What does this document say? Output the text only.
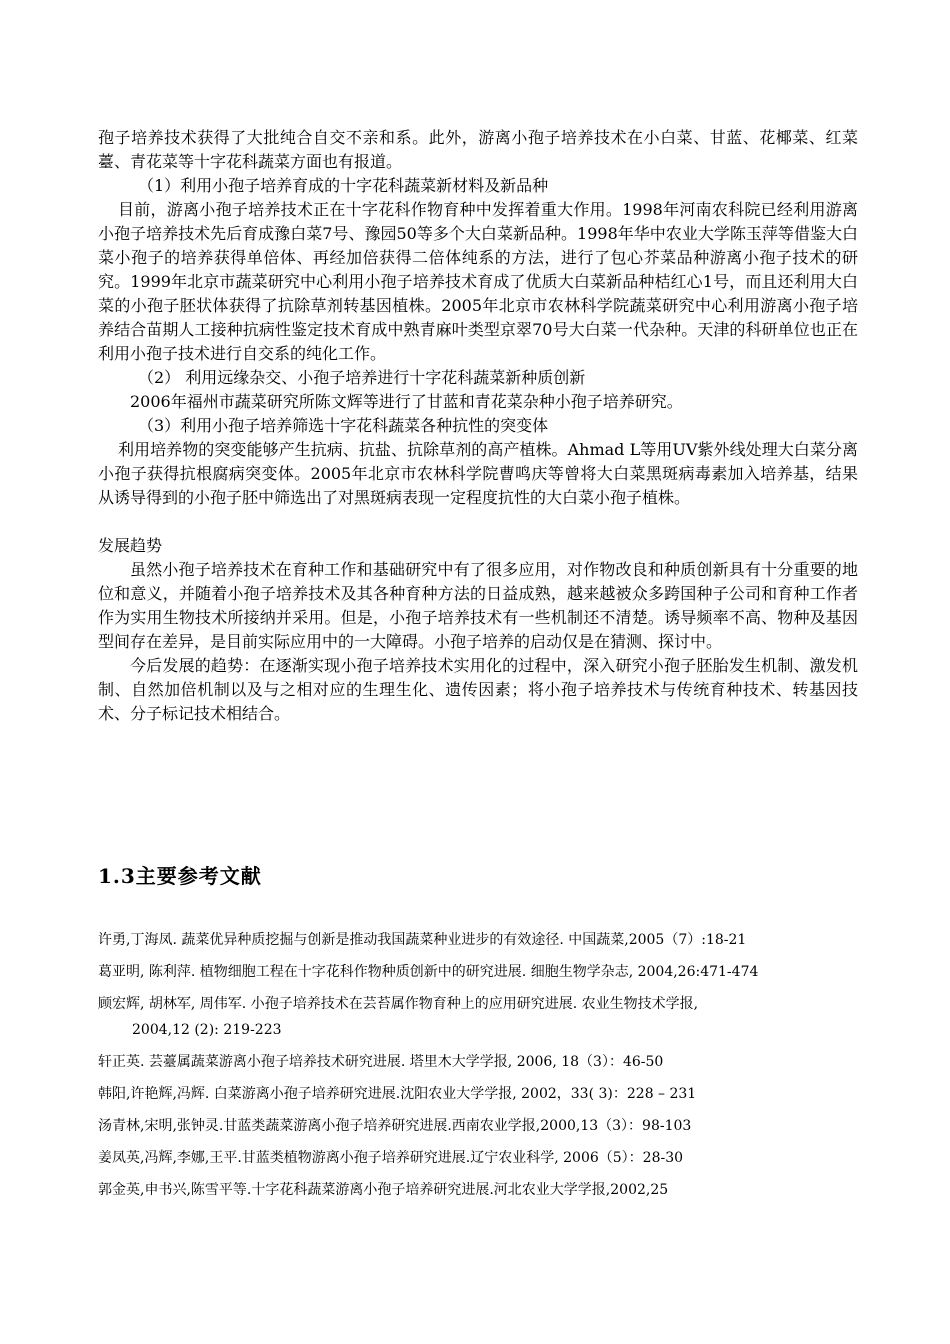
孢子培养技术获得了大批纯合自交不亲和系。此外，游离小孢子培养技术在小白菜、甘蓝、花椰菜、红菜薹、青花菜等十字花科蔬菜方面也有报道。

（1）利用小孢子培养育成的十字花科蔬菜新材料及新品种

目前，游离小孢子培养技术正在十字花科作物育种中发挥着重大作用。1998年河南农科院已经利用游离小孢子培养技术先后育成豫白菜7号、豫园50等多个大白菜新品种。1998年华中农业大学陈玉萍等借鉴大白菜小孢子的培养获得单倍体、再经加倍获得二倍体纯系的方法，进行了包心芥菜品种游离小孢子技术的研究。1999年北京市蔬菜研究中心利用小孢子培养技术育成了优质大白菜新品种桔红心1号，而且还利用大白菜的小孢子胚状体获得了抗除草剂转基因植株。2005年北京市农林科学院蔬菜研究中心利用游离小孢子培养结合苗期人工接种抗病性鉴定技术育成中熟青麻叶类型京翠70号大白菜一代杂种。天津的科研单位也正在利用小孢子技术进行自交系的纯化工作。

（2） 利用远缘杂交、小孢子培养进行十字花科蔬菜新种质创新

2006年福州市蔬菜研究所陈文辉等进行了甘蓝和青花菜杂种小孢子培养研究。

（3）利用小孢子培养筛选十字花科蔬菜各种抗性的突变体

利用培养物的突变能够产生抗病、抗盐、抗除草剂的高产植株。Ahmad L等用UV紫外线处理大白菜分离小孢子获得抗根腐病突变体。2005年北京市农林科学院曹鸣庆等曾将大白菜黑斑病毒素加入培养基，结果从诱导得到的小孢子胚中筛选出了对黑斑病表现一定程度抗性的大白菜小孢子植株。

发展趋势

虽然小孢子培养技术在育种工作和基础研究中有了很多应用，对作物改良和种质创新具有十分重要的地位和意义，并随着小孢子培养技术及其各种育种方法的日益成熟，越来越被众多跨国种子公司和育种工作者作为实用生物技术所接纳并采用。但是，小孢子培养技术有一些机制还不清楚。诱导频率不高、物种及基因型间存在差异，是目前实际应用中的一大障碍。小孢子培养的启动仅是在猜测、探讨中。

今后发展的趋势：在逐渐实现小孢子培养技术实用化的过程中，深入研究小孢子胚胎发生机制、激发机制、自然加倍机制以及与之相对应的生理生化、遗传因素；将小孢子培养技术与传统育种技术、转基因技术、分子标记技术相结合。

1.3主要参考文献

许勇,丁海凤. 蔬菜优异种质挖掘与创新是推动我国蔬菜种业进步的有效途径. 中国蔬菜,2005（7）:18-21

葛亚明, 陈利萍. 植物细胞工程在十字花科作物种质创新中的研究进展. 细胞生物学杂志, 2004,26:471-474

顾宏辉, 胡林军, 周伟军. 小孢子培养技术在芸苔属作物育种上的应用研究进展. 农业生物技术学报,
2004,12 (2): 219-223

轩正英. 芸薹属蔬菜游离小孢子培养技术研究进展. 塔里木大学学报, 2006, 18（3）：46-50

韩阳,许艳辉,冯辉. 白菜游离小孢子培养研究进展.沈阳农业大学学报, 2002，33( 3)：228 – 231

汤青林,宋明,张钟灵.甘蓝类蔬菜游离小孢子培养研究进展.西南农业学报,2000,13（3）：98-103

姜凤英,冯辉,李娜,王平.甘蓝类植物游离小孢子培养研究进展.辽宁农业科学, 2006（5）：28-30

郭金英,申书兴,陈雪平等.十字花科蔬菜游离小孢子培养研究进展.河北农业大学学报,2002,25
